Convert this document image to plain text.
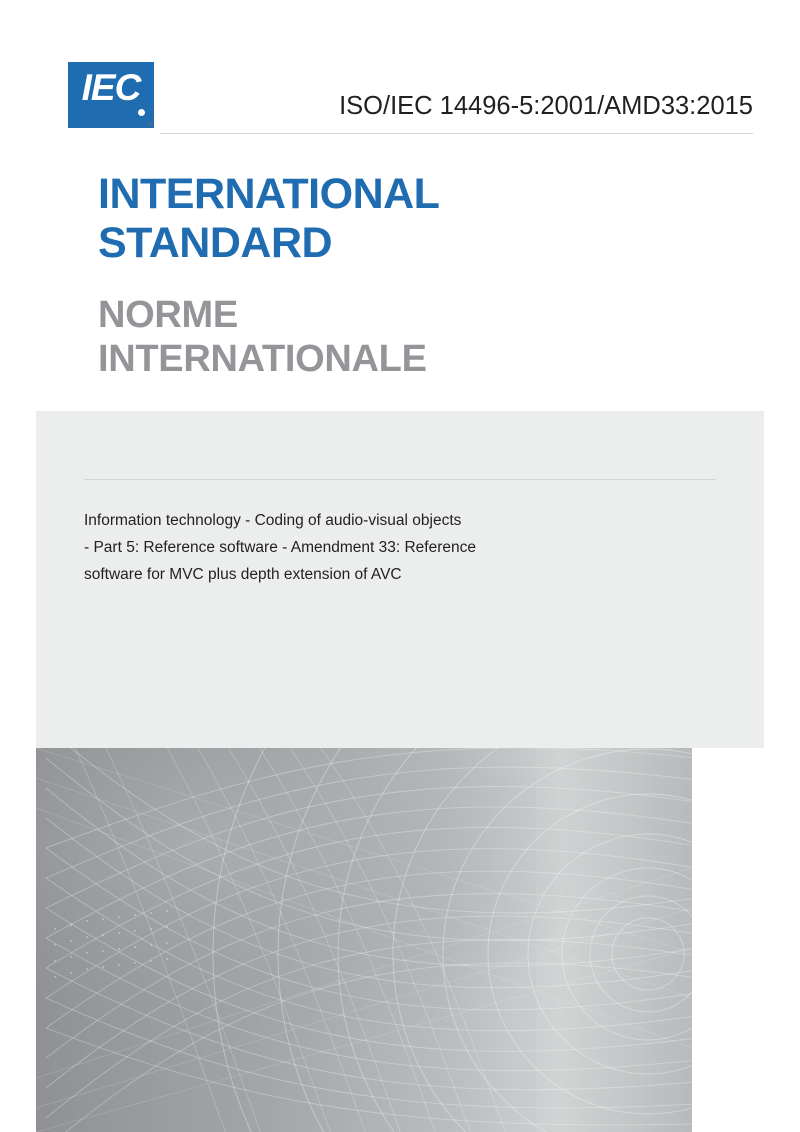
IEC
®
ISO/IEC 14496-5:2001/AMD33:2015
INTERNATIONAL
STANDARD
NORME
INTERNATIONALE
Information technology - Coding of audio-visual objects
- Part 5: Reference software - Amendment 33: Reference
software for MVC plus depth extension of AVC
